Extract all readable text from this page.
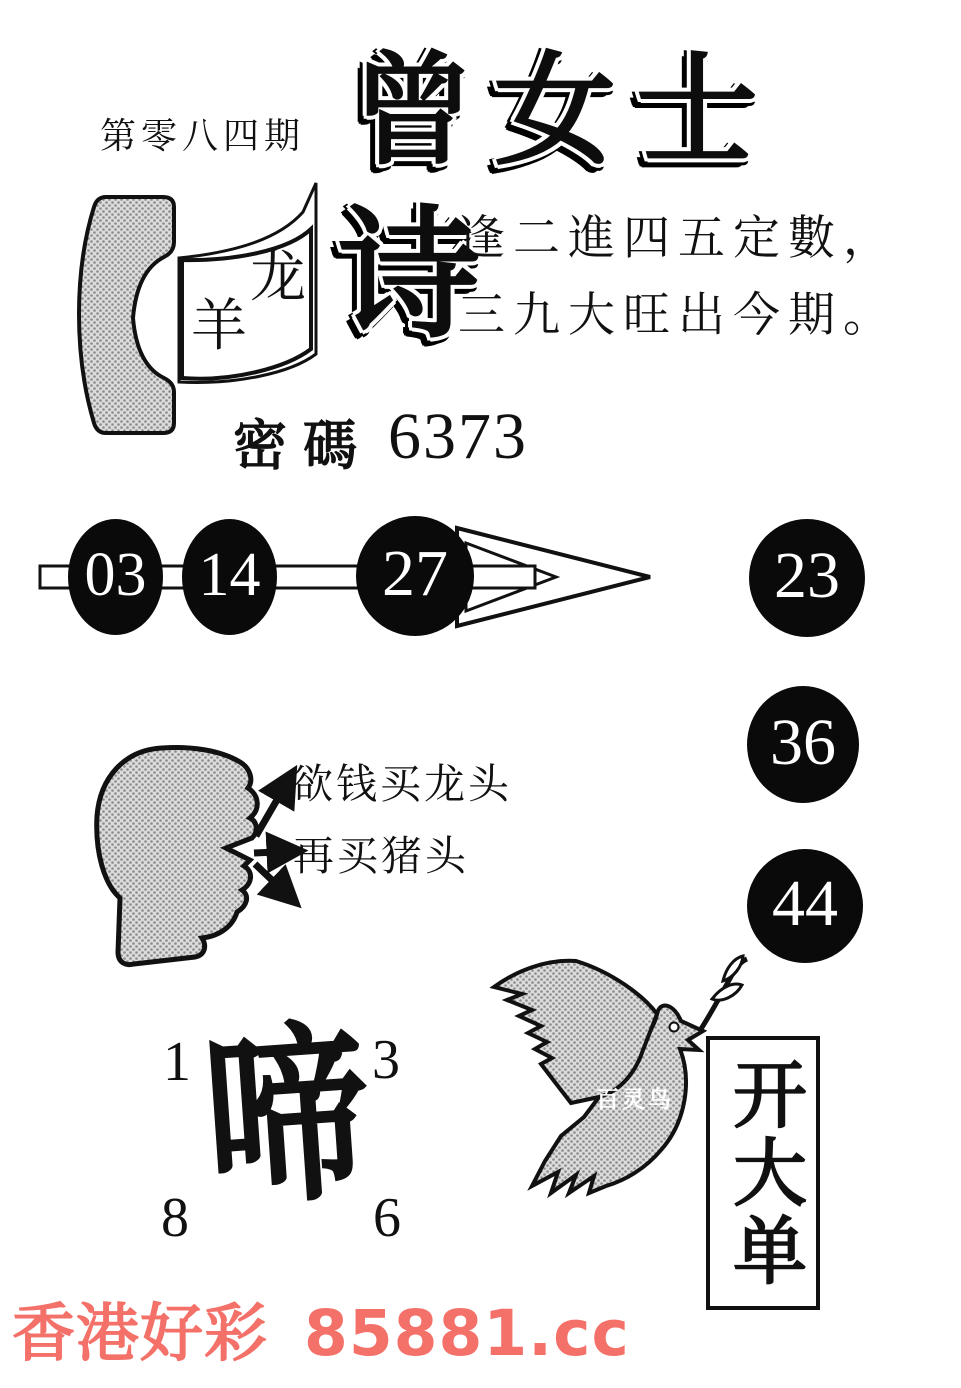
第零八四期 曾女士
诗
龙
羊
逢二進四五定數，
三九大旺出今期。
密碼 6373
03 14 27	23
36
44
欲钱买龙头
再买猪头
1	3
8	6
啼	百灵鸟 开大单
香港好彩 85881.cc
